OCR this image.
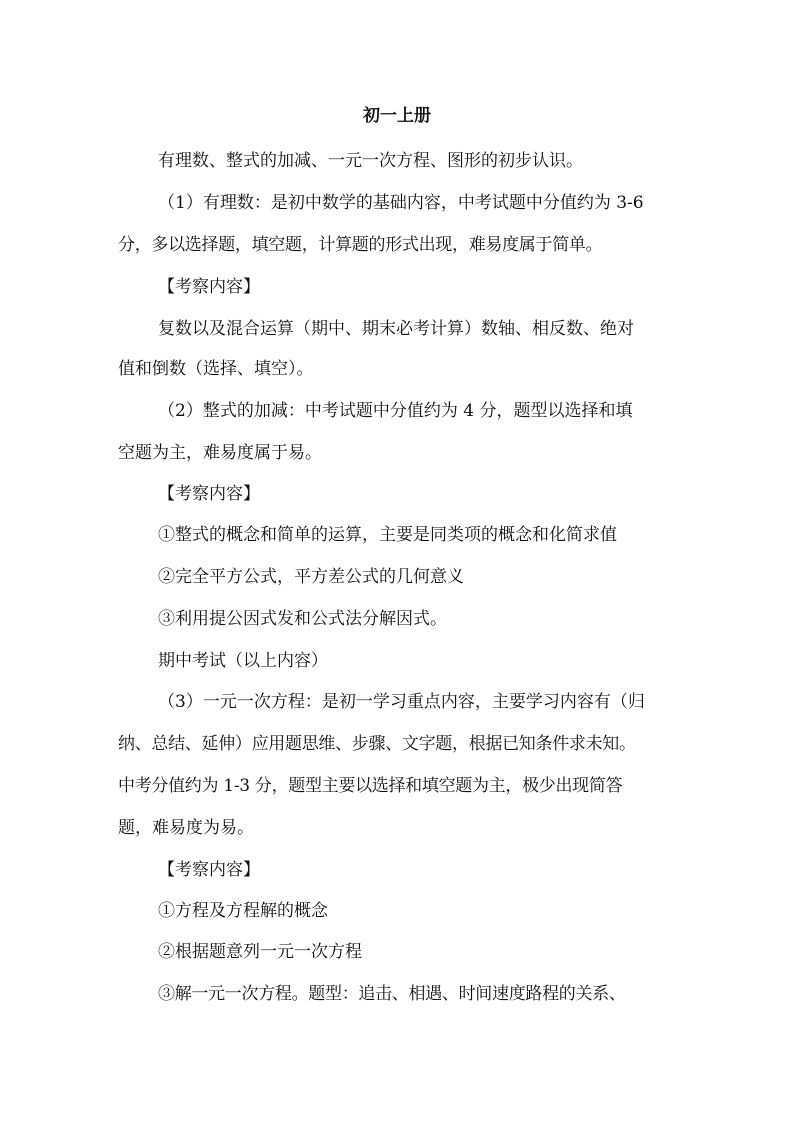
初一上册
有理数、整式的加减、一元一次方程、图形的初步认识。
（1）有理数：是初中数学的基础内容，中考试题中分值约为 3-6
分，多以选择题，填空题，计算题的形式出现，难易度属于简单。
【考察内容】
复数以及混合运算（期中、期末必考计算）数轴、相反数、绝对
值和倒数（选择、填空）。
（2）整式的加减：中考试题中分值约为 4 分，题型以选择和填
空题为主，难易度属于易。
【考察内容】
①整式的概念和简单的运算，主要是同类项的概念和化简求值
②完全平方公式，平方差公式的几何意义
③利用提公因式发和公式法分解因式。
期中考试（以上内容）
（3）一元一次方程：是初一学习重点内容，主要学习内容有（归
纳、总结、延伸）应用题思维、步骤、文字题，根据已知条件求未知。
中考分值约为 1-3 分，题型主要以选择和填空题为主，极少出现简答
题，难易度为易。
【考察内容】
①方程及方程解的概念
②根据题意列一元一次方程
③解一元一次方程。题型：追击、相遇、时间速度路程的关系、
